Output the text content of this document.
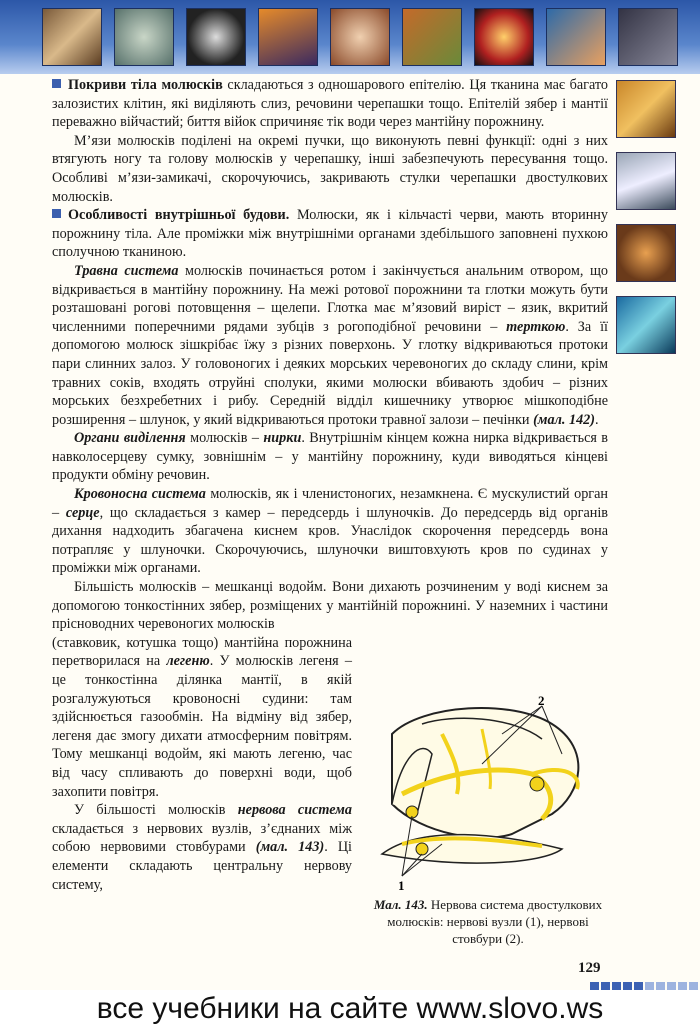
Покриви тіла молюсків складаються з одношарового епітелію. Ця тканина має багато залозистих клітин, які виділяють слиз, речовини черепашки тощо. Епітелій зябер і мантії переважно війчастий; биття війок спричиняє тік води через мантійну порожнину.

М’язи молюсків поділені на окремі пучки, що виконують певні функції: одні з них втягують ногу та голову молюсків у черепашку, інші забезпечують пересування тощо. Особливі м’язи-замикачі, скорочуючись, закривають стулки черепашки двостулкових молюсків.

Особливості внутрішньої будови. Молюски, як і кільчасті черви, мають вторинну порожнину тіла. Але проміжки між внутрішніми органами здебільшого заповнені пухкою сполучною тканиною.

Травна система молюсків починається ротом і закінчується анальним отвором, що відкривається в мантійну порожнину. На межі ротової порожнини та глотки можуть бути розташовані рогові потовщення – щелепи. Глотка має м’язовий вирiст – язик, вкритий численними поперечними рядами зубців з рогоподібної речовини – терткою. За її допомогою молюск зішкрібає їжу з різних поверхонь. У глотку відкриваються протоки пари слинних залоз. У головоногих і деяких морських черевоногих до складу слини, крім травних соків, входять отруйні сполуки, якими молюски вбивають здобич – різних морських безхребетних і рибу. Середній відділ кишечнику утворює мішкоподібне розширення – шлунок, у який відкриваються протоки травної залози – печінки (мал. 142).

Органи виділення молюсків – нирки. Внутрішнім кінцем кожна нирка відкривається в навколосерцеву сумку, зовнішнім – у мантійну порожнину, куди виводяться кінцеві продукти обміну речовин.

Кровоносна система молюсків, як і членистоногих, незамкнена. Є мускулистий орган – серце, що складається з камер – передсердь і шлуночків. До передсердь від органів дихання надходить збагачена киснем кров. Унаслідок скорочення передсердь вона потрапляє у шлуночки. Скорочуючись, шлуночки виштовхують кров по судинах у проміжки між органами.

Більшість молюсків – мешканці водойм. Вони дихають розчиненим у воді киснем за допомогою тонкостінних зябер, розміщених у мантійній порожнині. У наземних і частини прісноводних черевоногих молюсків

(ставковик, котушка тощо) мантійна порожнина перетворилася на легеню. У молюсків легеня – це тонкостінна ділянка мантії, в якій розгалужуються кровоносні судини: там здійснюється газообмін. На відміну від зябер, легеня дає змогу дихати атмосферним повітрям. Тому мешканці водойм, які мають легеню, час від часу спливають до поверхні води, щоб захопити повітря.

У більшості молюсків нервова система складається з нервових вузлів, з’єднаних між собою нервовими стовбурами (мал. 143). Ці елементи складають центральну нервову систему,

2
1
Мал. 143. Нервова система двостулкових молюсків: нервові вузли (1), нервові стовбури (2).
129
все учебники на сайте www.slovo.ws
